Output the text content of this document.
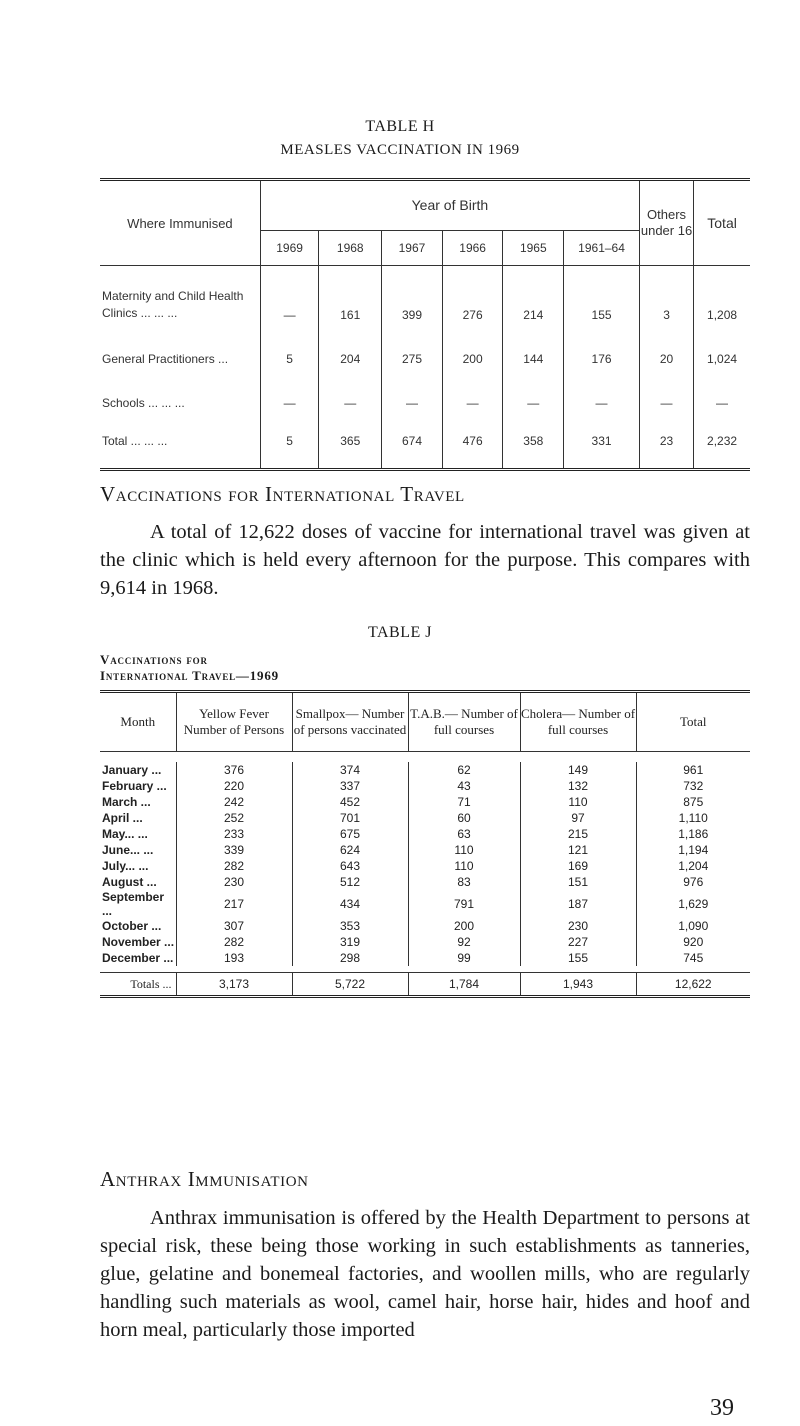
TABLE H
MEASLES VACCINATION IN 1969
Where Immunised	Year of Birth						Others under 16	Total
	1969	1968	1967	1966	1965	1961–64		
Maternity and Child Health Clinics ... ... ...	—	161	399	276	214	155	3	1,208
General Practitioners ...	5	204	275	200	144	176	20	1,024
Schools ... ... ...	—	—	—	—	—	—	—	—
Total ... ... ...	5	365	674	476	358	331	23	2,232
Vaccinations for International Travel
A total of 12,622 doses of vaccine for international travel was given at the clinic which is held every afternoon for the purpose. This compares with 9,614 in 1968.
TABLE J
Vaccinations for
International Travel—1969
Month	Yellow Fever Number of Persons	Smallpox— Number of persons vaccinated	T.A.B.— Number of full courses	Cholera— Number of full courses	Total

January ...	376	374	62	149	961
February ...	220	337	43	132	732
March ...	242	452	71	110	875
April ...	252	701	60	97	1,110
May... ...	233	675	63	215	1,186
June... ...	339	624	110	121	1,194
July... ...	282	643	110	169	1,204
August ...	230	512	83	151	976
September ...	217	434	791	187	1,629
October ...	307	353	200	230	1,090
November ...	282	319	92	227	920
December ...	193	298	99	155	745

Totals ...	3,173	5,722	1,784	1,943	12,622
Anthrax Immunisation
Anthrax immunisation is offered by the Health Department to persons at special risk, these being those working in such establishments as tanneries, glue, gelatine and bonemeal factories, and woollen mills, who are regularly handling such materials as wool, camel hair, horse hair, hides and hoof and horn meal, particularly those imported
39
